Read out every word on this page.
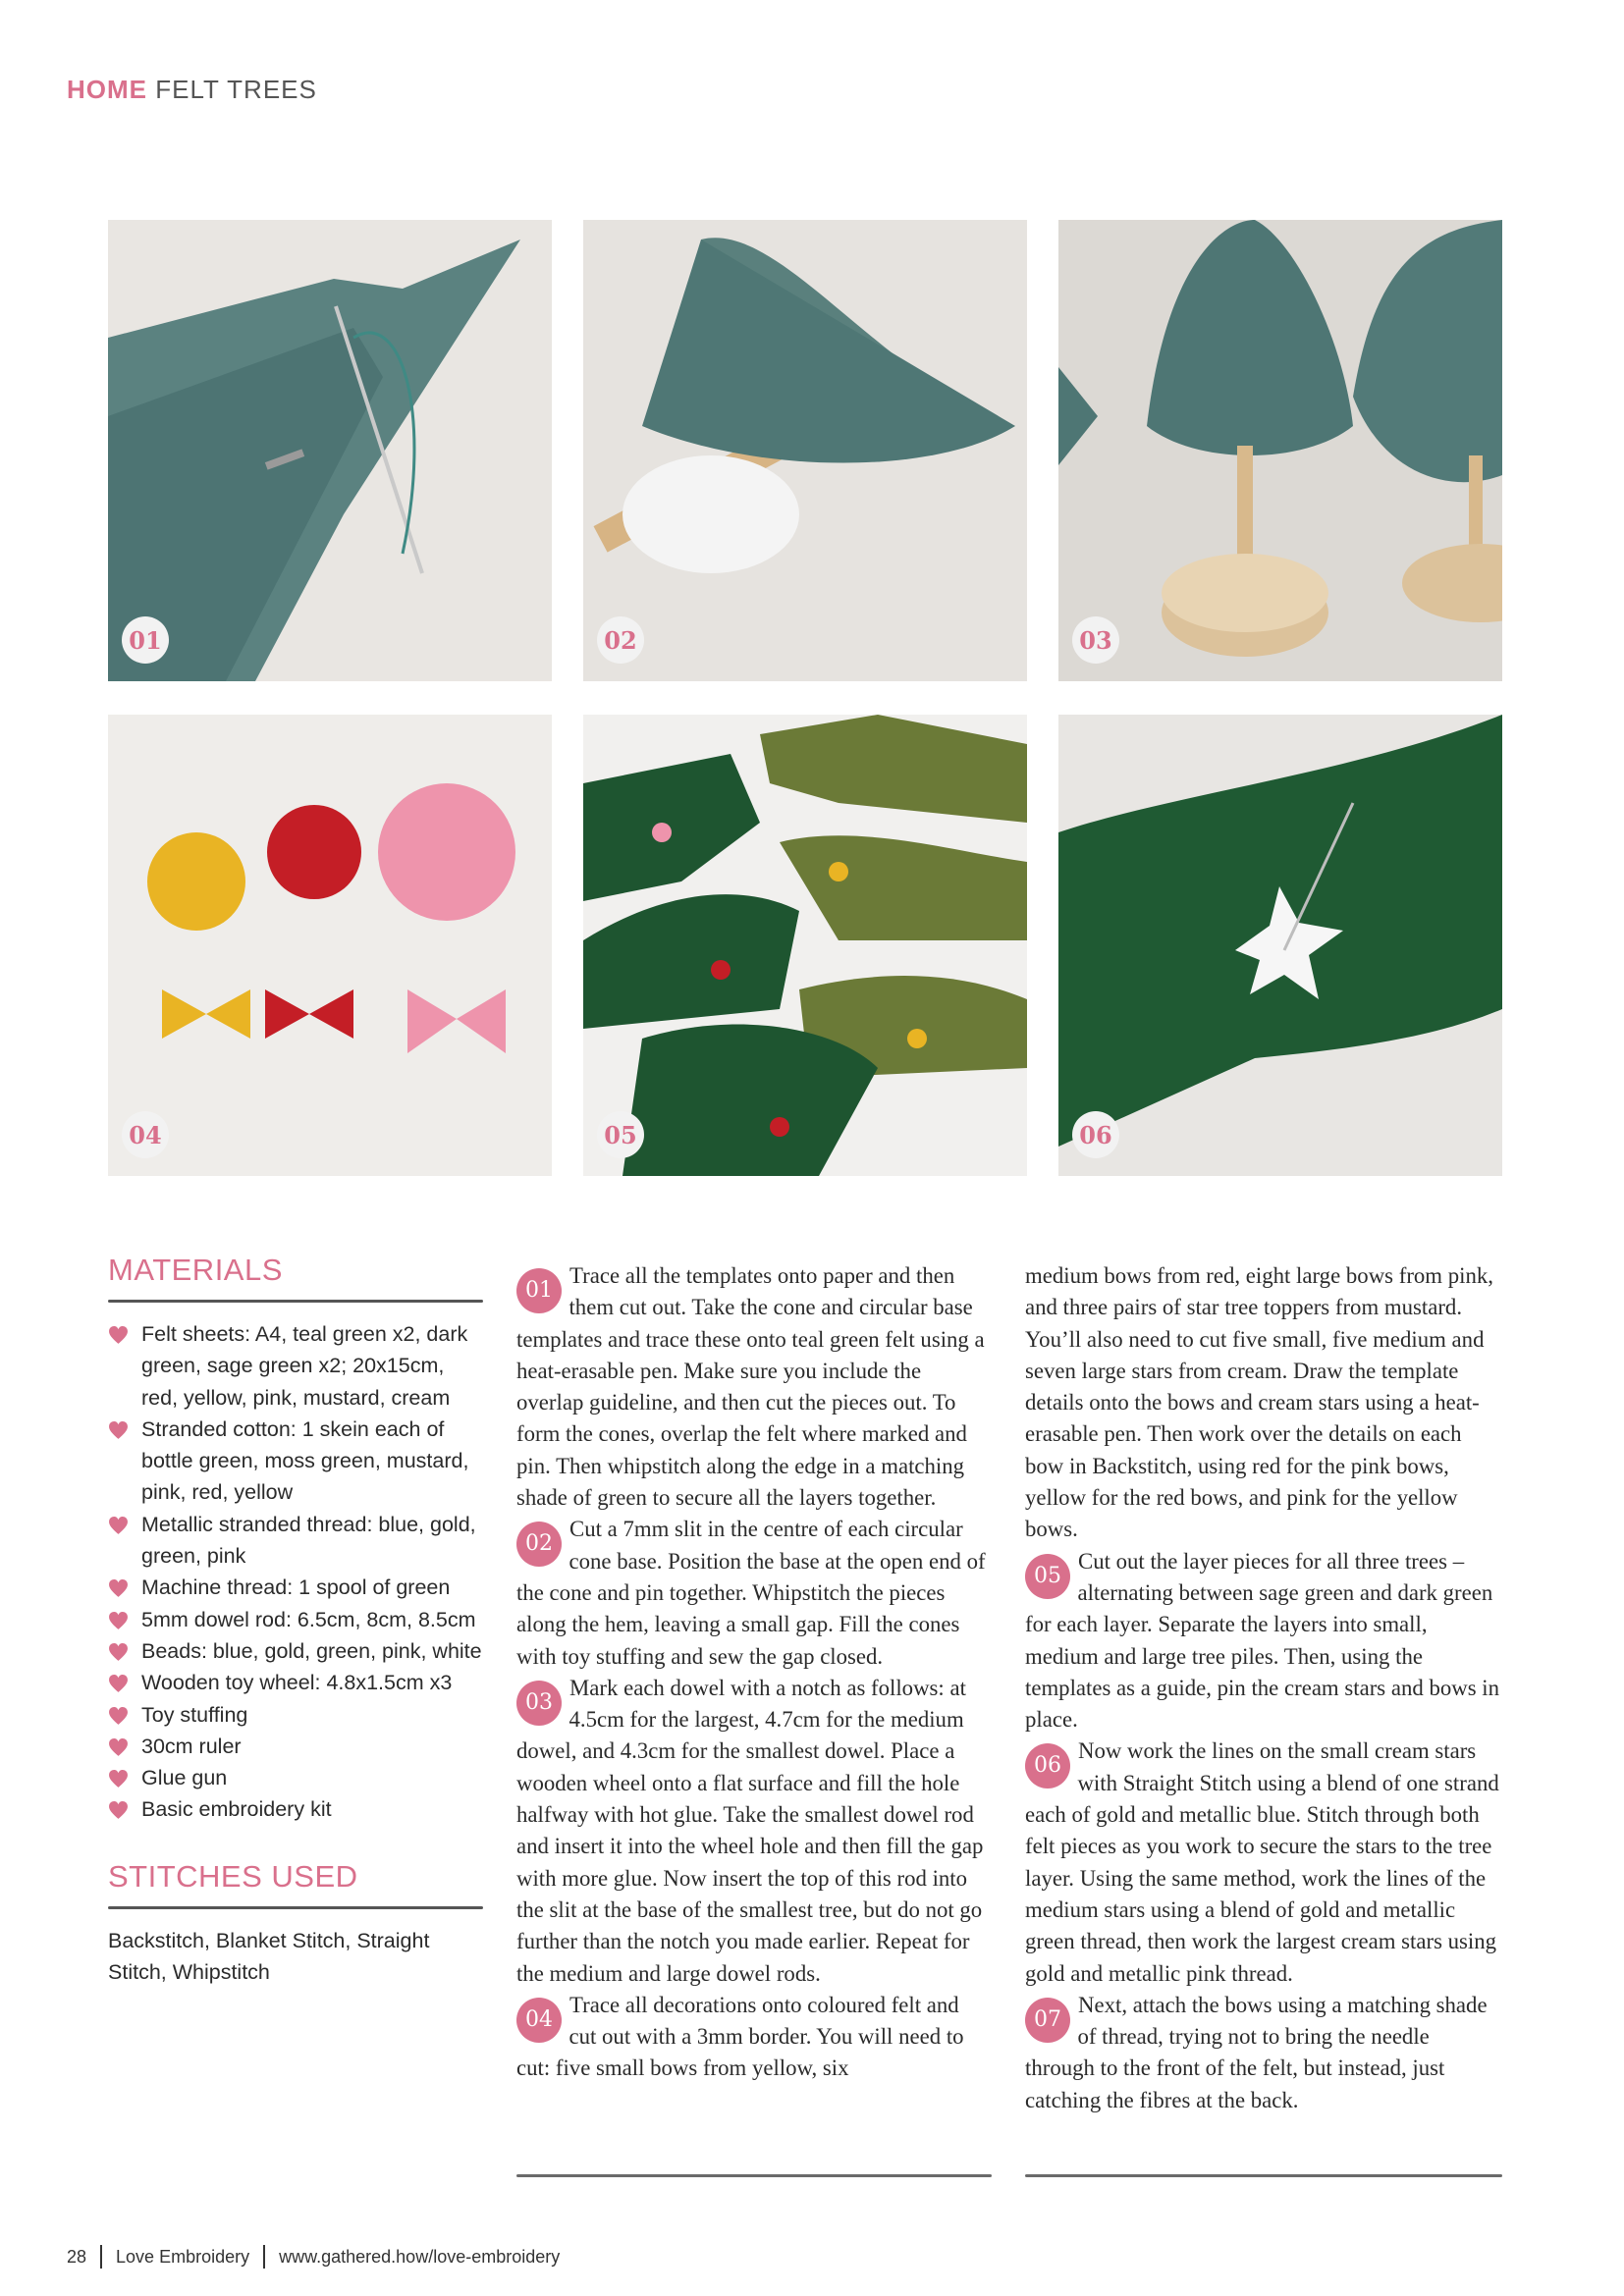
HOME FELT TREES
01	02	03
04	05	06
MATERIALS
Felt sheets: A4, teal green x2, dark green, sage green x2; 20x15cm, red, yellow, pink, mustard, cream
Stranded cotton: 1 skein each of bottle green, moss green, mustard, pink, red, yellow
Metallic stranded thread: blue, gold, green, pink
Machine thread: 1 spool of green
5mm dowel rod: 6.5cm, 8cm, 8.5cm
Beads: blue, gold, green, pink, white
Wooden toy wheel: 4.8x1.5cm x3
Toy stuffing
30cm ruler
Glue gun
Basic embroidery kit
STITCHES USED
Backstitch, Blanket Stitch, Straight Stitch, Whipstitch

01
Trace all the templates onto paper and then them cut out. Take the cone and circular base templates and trace these onto teal green felt using a heat-erasable pen. Make sure you include the overlap guideline, and then cut the pieces out. To form the cones, overlap the felt where marked and pin. Then whipstitch along the edge in a matching shade of green to secure all the layers together.

02
Cut a 7mm slit in the centre of each circular cone base. Position the base at the open end of the cone and pin together. Whipstitch the pieces along the hem, leaving a small gap. Fill the cones with toy stuffing and sew the gap closed.

03
Mark each dowel with a notch as follows: at 4.5cm for the largest, 4.7cm for the medium dowel, and 4.3cm for the smallest dowel. Place a wooden wheel onto a flat surface and fill the hole halfway with hot glue. Take the smallest dowel rod and insert it into the wheel hole and then fill the gap with more glue. Now insert the top of this rod into the slit at the base of the smallest tree, but do not go further than the notch you made earlier. Repeat for the medium and large dowel rods.

04
Trace all decorations onto coloured felt and cut out with a 3mm border. You will need to cut: five small bows from yellow, six

medium bows from red, eight large bows from pink, and three pairs of star tree toppers from mustard. You’ll also need to cut five small, five medium and seven large stars from cream. Draw the template details onto the bows and cream stars using a heat-erasable pen. Then work over the details on each bow in Backstitch, using red for the pink bows, yellow for the red bows, and pink for the yellow bows.

05
Cut out the layer pieces for all three trees – alternating between sage green and dark green for each layer. Separate the layers into small, medium and large tree piles. Then, using the templates as a guide, pin the cream stars and bows in place.

06
Now work the lines on the small cream stars with Straight Stitch using a blend of one strand each of gold and metallic blue. Stitch through both felt pieces as you work to secure the stars to the tree layer. Using the same method, work the lines of the medium stars using a blend of gold and metallic green thread, then work the largest cream stars using gold and metallic pink thread.

07
Next, attach the bows using a matching shade of thread, trying not to bring the needle through to the front of the felt, but instead, just catching the fibres at the back.

28 Love Embroidery www.gathered.how/love-embroidery
